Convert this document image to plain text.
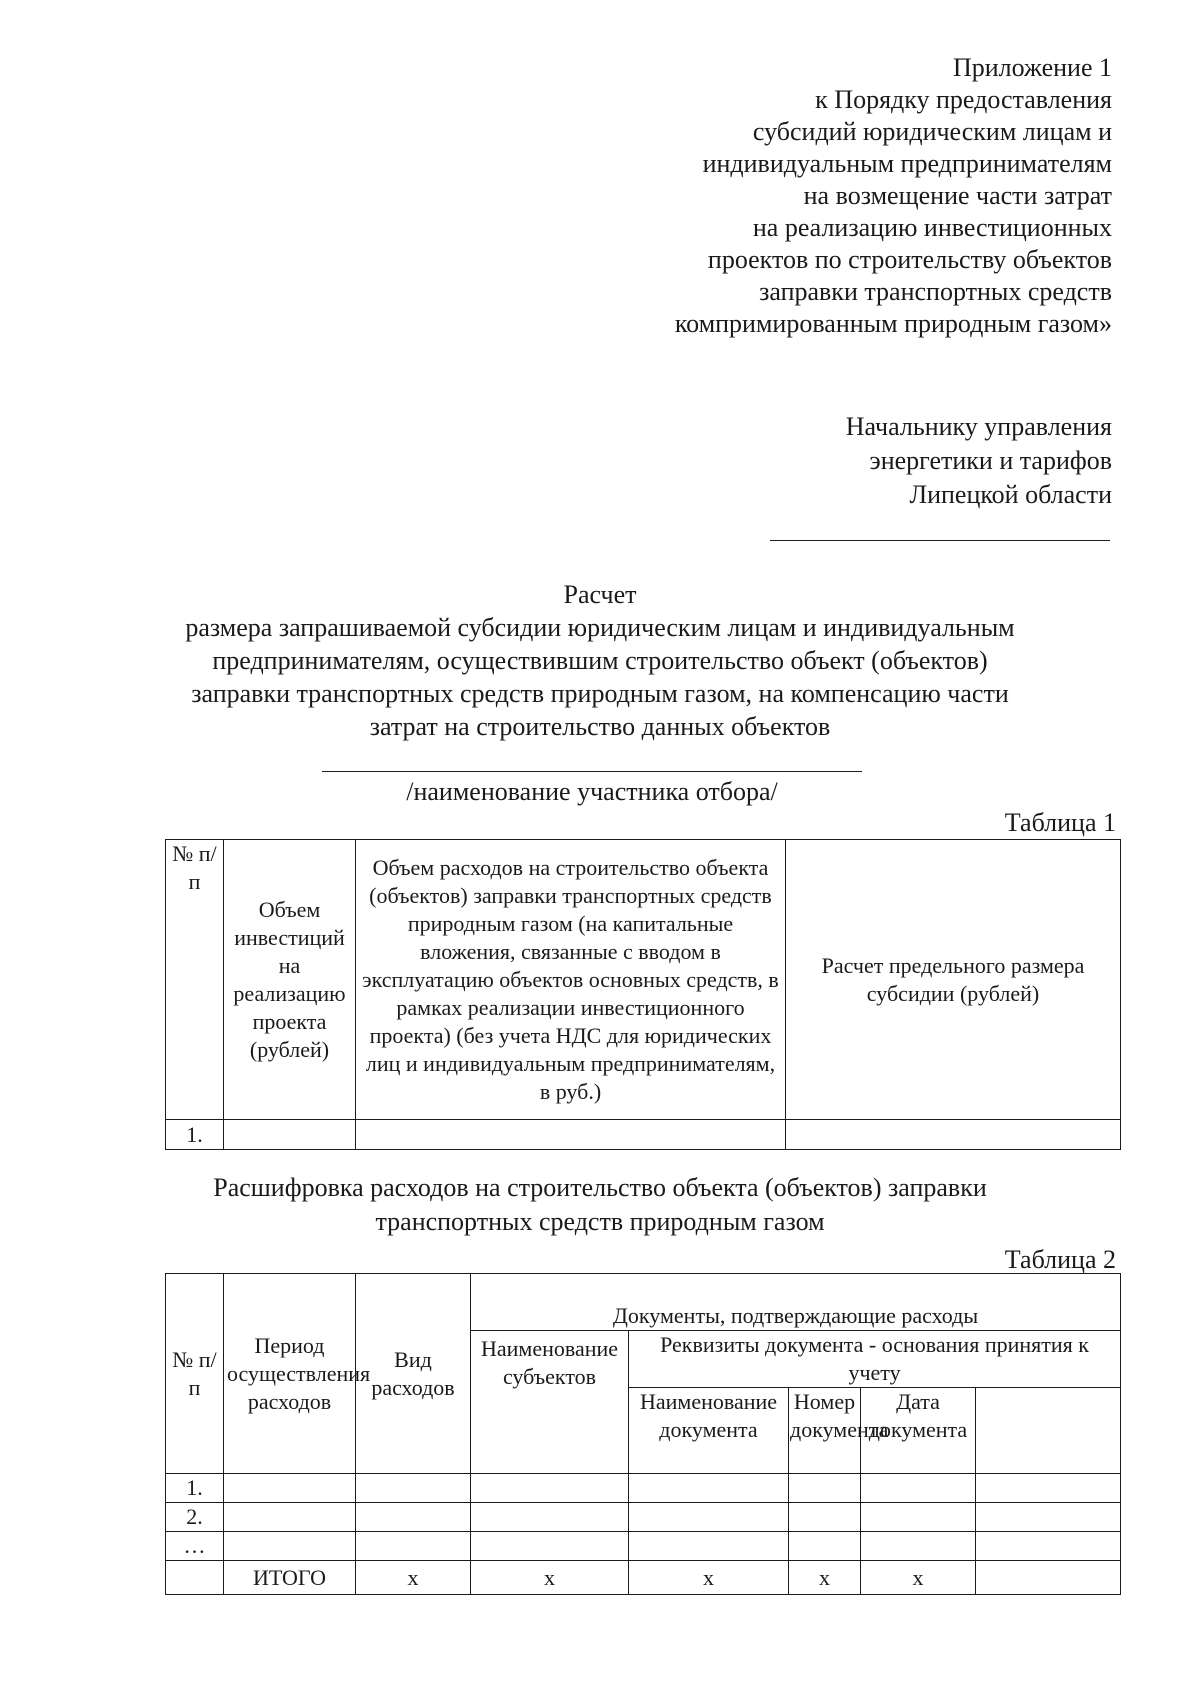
Приложение 1
к Порядку предоставления
субсидий юридическим лицам и
индивидуальным предпринимателям
на возмещение части затрат
на реализацию инвестиционных
проектов по строительству объектов
заправки транспортных средств
компримированным природным газом»
Начальнику управления
энергетики и тарифов
Липецкой области
Расчет
размера запрашиваемой субсидии юридическим лицам и индивидуальным
предпринимателям, осуществившим строительство объект (объектов)
заправки транспортных средств природным газом, на компенсацию части
затрат на строительство данных объектов
/наименование участника отбора/
Таблица 1
№ п/п	Объем инвестиций на реализацию проекта (рублей)	Объем расходов на строительство объекта (объектов) заправки транспортных средств природным газом (на капитальные вложения, связанные с вводом в эксплуатацию объектов основных средств, в рамках реализации инвестиционного проекта) (без учета НДС для юридических лиц и индивидуальным предпринимателям, в руб.)	Расчет предельного размера субсидии (рублей)
1.			
Расшифровка расходов на строительство объекта (объектов) заправки
транспортных средств природным газом
Таблица 2
№ п/п	Период осуществления расходов	Вид расходов	Документы, подтверждающие расходы	
			Наименование субъектов	Реквизиты документа - основания принятия к учету				
				Наименование документа	Номер документа	Дата документа		
1.								
2.								
…								
	ИТОГО	х	х	х	х	х		
